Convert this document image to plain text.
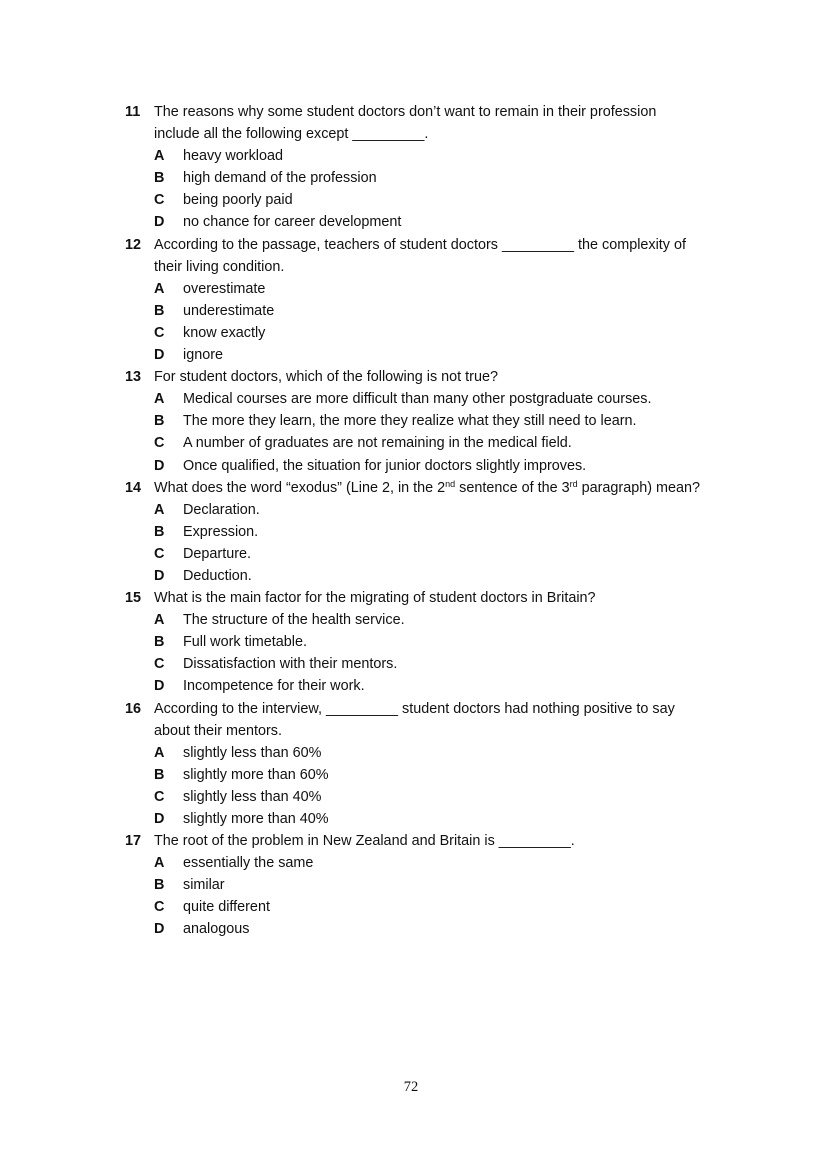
11 The reasons why some student doctors don’t want to remain in their profession
include all the following except _________.
A	heavy workload
B	high demand of the profession
C	being poorly paid
D	no chance for career development
12 According to the passage, teachers of student doctors _________ the complexity of
their living condition.
A	overestimate
B	underestimate
C	know exactly
D	ignore
13 For student doctors, which of the following is not true?
A	Medical courses are more difficult than many other postgraduate courses.
B	The more they learn, the more they realize what they still need to learn.
C	A number of graduates are not remaining in the medical field.
D	Once qualified, the situation for junior doctors slightly improves.
14 What does the word “exodus” (Line 2, in the 2nd sentence of the 3rd paragraph) mean?
A	Declaration.
B	Expression.
C	Departure.
D	Deduction.
15 What is the main factor for the migrating of student doctors in Britain?
A	The structure of the health service.
B	Full work timetable.
C	Dissatisfaction with their mentors.
D	Incompetence for their work.
16 According to the interview, _________ student doctors had nothing positive to say
about their mentors.
A	slightly less than 60%
B	slightly more than 60%
C	slightly less than 40%
D	slightly more than 40%
17 The root of the problem in New Zealand and Britain is _________.
A	essentially the same
B	similar
C	quite different
D	analogous
72
